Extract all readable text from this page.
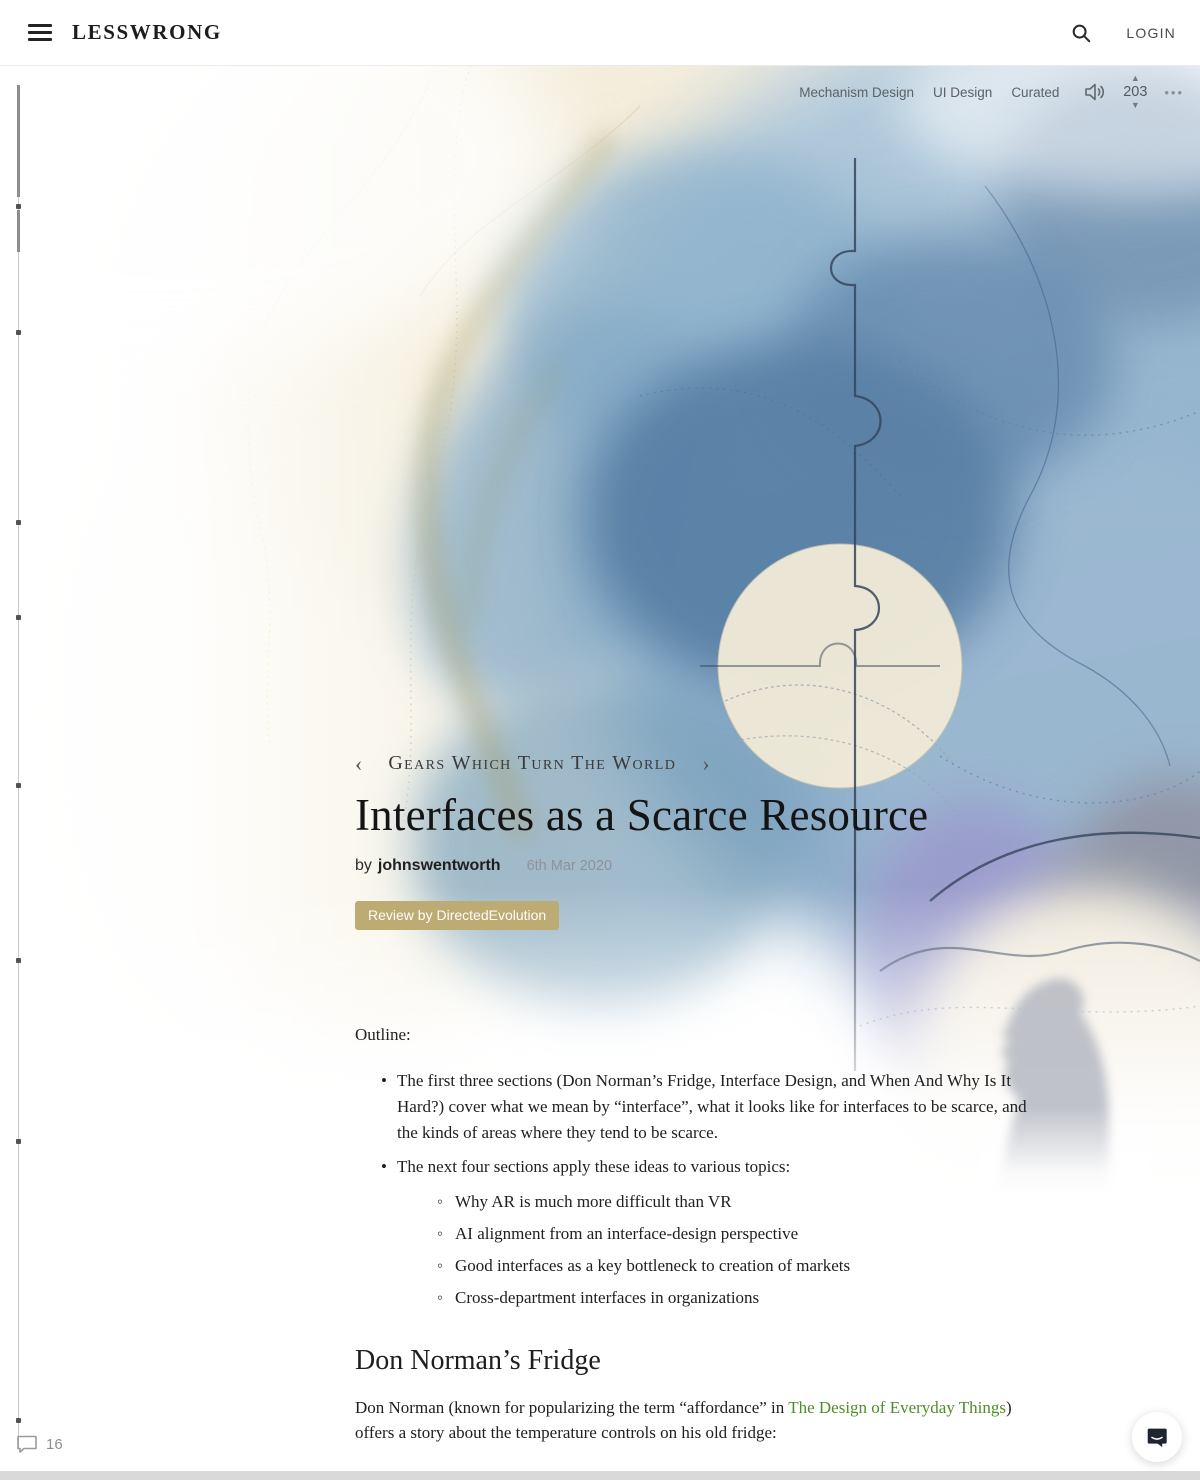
LESSWRONG	LOGIN
Mechanism Design UI Design Curated
▲
203
▼
•••
‹
Gears Which Turn The World
›
Interfaces as a Scarce Resource
by johnswentworth 6th Mar 2020
Review by DirectedEvolution
Outline:
• The first three sections (Don Norman’s Fridge, Interface Design, and When And Why Is It Hard?) cover what we mean by “interface”, what it looks like for interfaces to be scarce, and the kinds of areas where they tend to be scarce.
• The next four sections apply these ideas to various topics:
◦ Why AR is much more difficult than VR
◦ AI alignment from an interface-design perspective
◦ Good interfaces as a key bottleneck to creation of markets
◦ Cross-department interfaces in organizations
Don Norman’s Fridge

Don Norman (known for popularizing the term “affordance” in The Design of Everyday Things) offers a story about the temperature controls on his old fridge:

16
